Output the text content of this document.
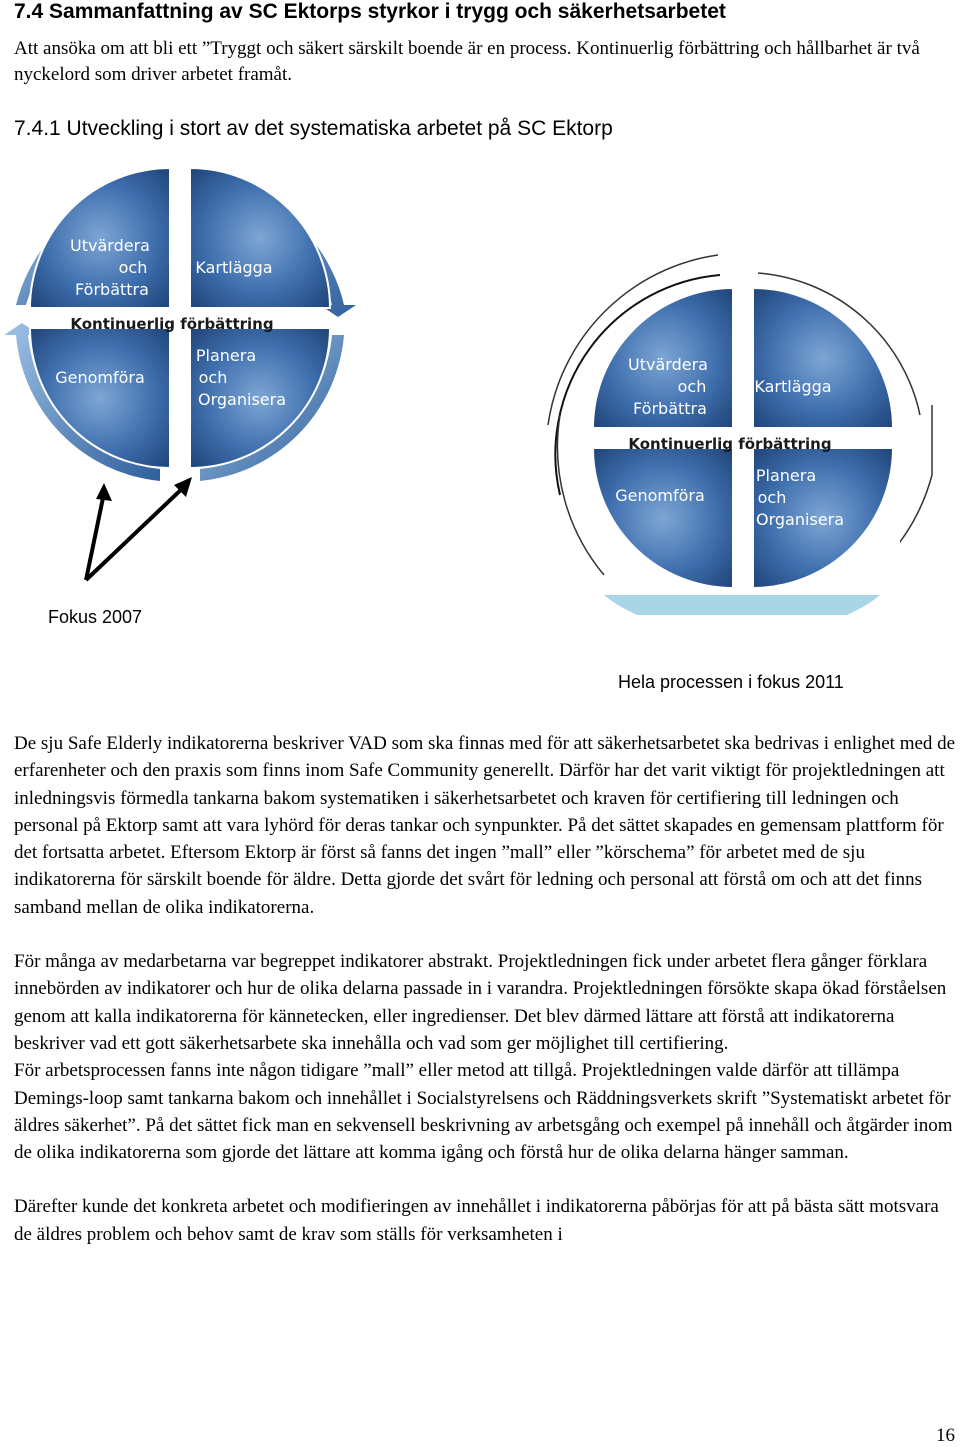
7.4 Sammanfattning av SC Ektorps styrkor i trygg och säkerhetsarbetet
Att ansöka om att bli ett ”Tryggt och säkert särskilt boende är en process. Kontinuerlig förbättring och hållbarhet är två nyckelord som driver arbetet framåt.
7.4.1 Utveckling i stort av det systematiska arbetet på SC Ektorp
Utvärdera
och
Förbättra
Kartlägga
Kontinuerlig förbättring
Genomföra
Planera
och
Organisera
Utvärdera
och
Förbättra
Kartlägga
Kontinuerlig förbättring
Genomföra
Planera
och
Organisera
Fokus 2007
Hela processen i fokus 2011

De sju Safe Elderly indikatorerna beskriver VAD som ska finnas med för att säkerhetsarbetet ska bedrivas i enlighet med de erfarenheter och den praxis som finns inom Safe Community generellt. Därför har det varit viktigt för projektledningen att inledningsvis förmedla tankarna bakom systematiken i säkerhetsarbetet och kraven för certifiering till ledningen och personal på Ektorp samt att vara lyhörd för deras tankar och synpunkter. På det sättet skapades en gemensam plattform för det fortsatta arbetet. Eftersom Ektorp är först så fanns det ingen ”mall” eller ”körschema” för arbetet med de sju indikatorerna för särskilt boende för äldre. Detta gjorde det svårt för ledning och personal att förstå om och att det finns samband mellan de olika indikatorerna.

För många av medarbetarna var begreppet indikatorer abstrakt. Projektledningen fick under arbetet flera gånger förklara innebörden av indikatorer och hur de olika delarna passade in i varandra. Projektledningen försökte skapa ökad förståelsen genom att kalla indikatorerna för kännetecken, eller ingredienser. Det blev därmed lättare att förstå att indikatorerna beskriver vad ett gott säkerhetsarbete ska innehålla och vad som ger möjlighet till certifiering.

För arbetsprocessen fanns inte någon tidigare ”mall” eller metod att tillgå. Projektledningen valde därför att tillämpa Demings-loop samt tankarna bakom och innehållet i Socialstyrelsens och Räddningsverkets skrift ”Systematiskt arbetet för äldres säkerhet”. På det sättet fick man en sekvensell beskrivning av arbetsgång och exempel på innehåll och åtgärder inom de olika indikatorerna som gjorde det lättare att komma igång och förstå hur de olika delarna hänger samman.

Därefter kunde det konkreta arbetet och modifieringen av innehållet i indikatorerna påbörjas för att på bästa sätt motsvara de äldres problem och behov samt de krav som ställs för verksamheten i

16
